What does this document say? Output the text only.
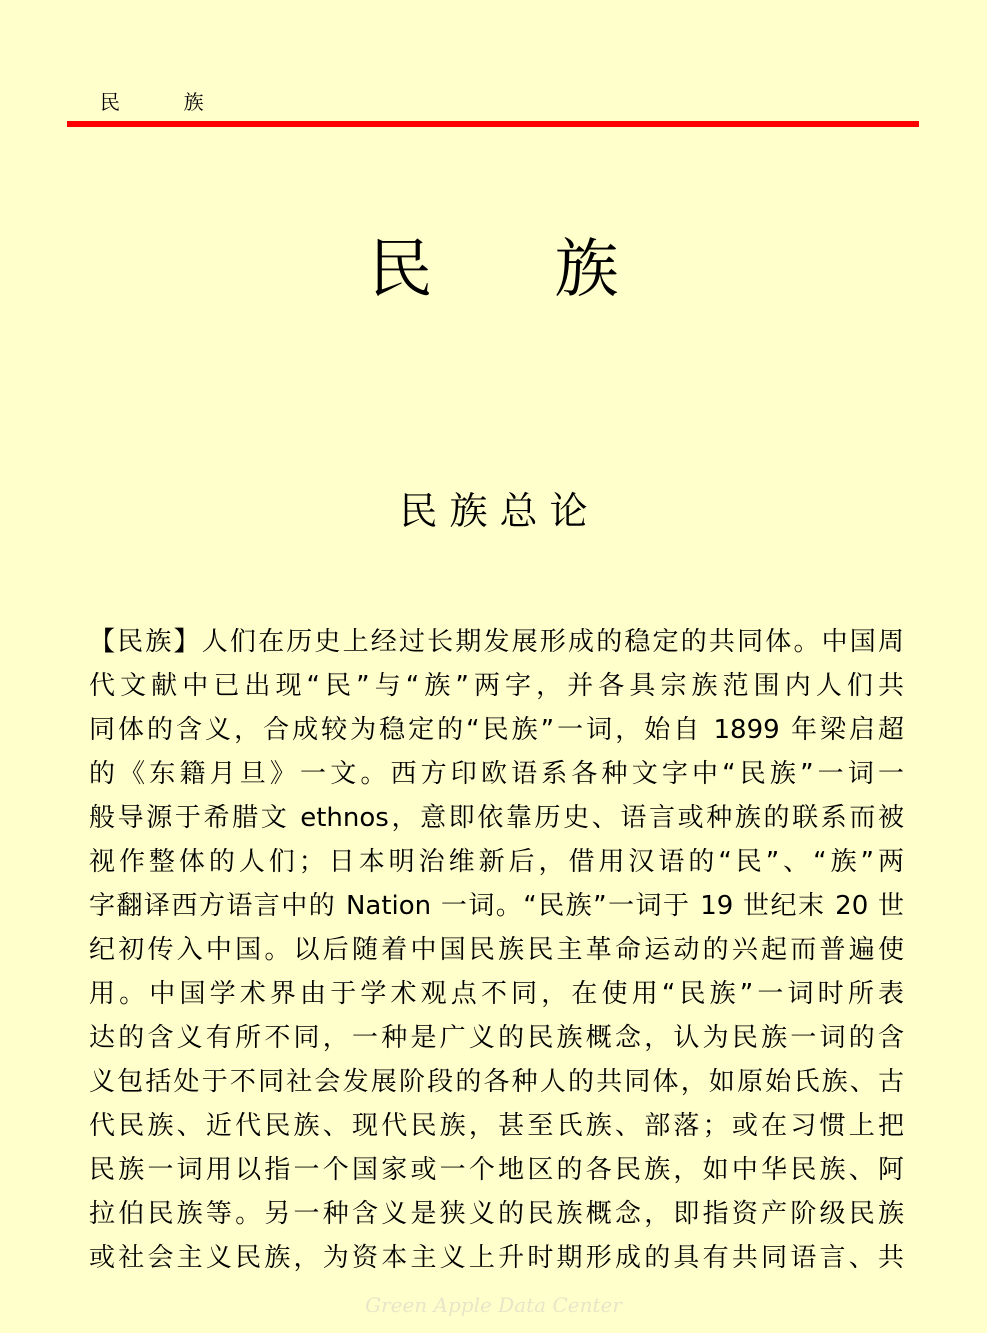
民          族
民      族
民 族 总 论
【民族】人们在历史上经过长期发展形成的稳定的共同体。中国周
代文献中已出现“民”与“族”两字，并各具宗族范围内人们共
同体的含义，合成较为稳定的“民族”一词，始自 1899 年梁启超
的《东籍月旦》一文。西方印欧语系各种文字中“民族”一词一
般导源于希腊文 ethnos，意即依靠历史、语言或种族的联系而被
视作整体的人们；日本明治维新后，借用汉语的“民”、“族”两
字翻译西方语言中的 Nation 一词。“民族”一词于 19 世纪末 20 世
纪初传入中国。以后随着中国民族民主革命运动的兴起而普遍使
用。中国学术界由于学术观点不同，在使用“民族”一词时所表
达的含义有所不同，一种是广义的民族概念，认为民族一词的含
义包括处于不同社会发展阶段的各种人的共同体，如原始氏族、古
代民族、近代民族、现代民族，甚至氏族、部落；或在习惯上把
民族一词用以指一个国家或一个地区的各民族，如中华民族、阿
拉伯民族等。另一种含义是狭义的民族概念，即指资产阶级民族
或社会主义民族，为资本主义上升时期形成的具有共同语言、共
Green Apple Data Center
